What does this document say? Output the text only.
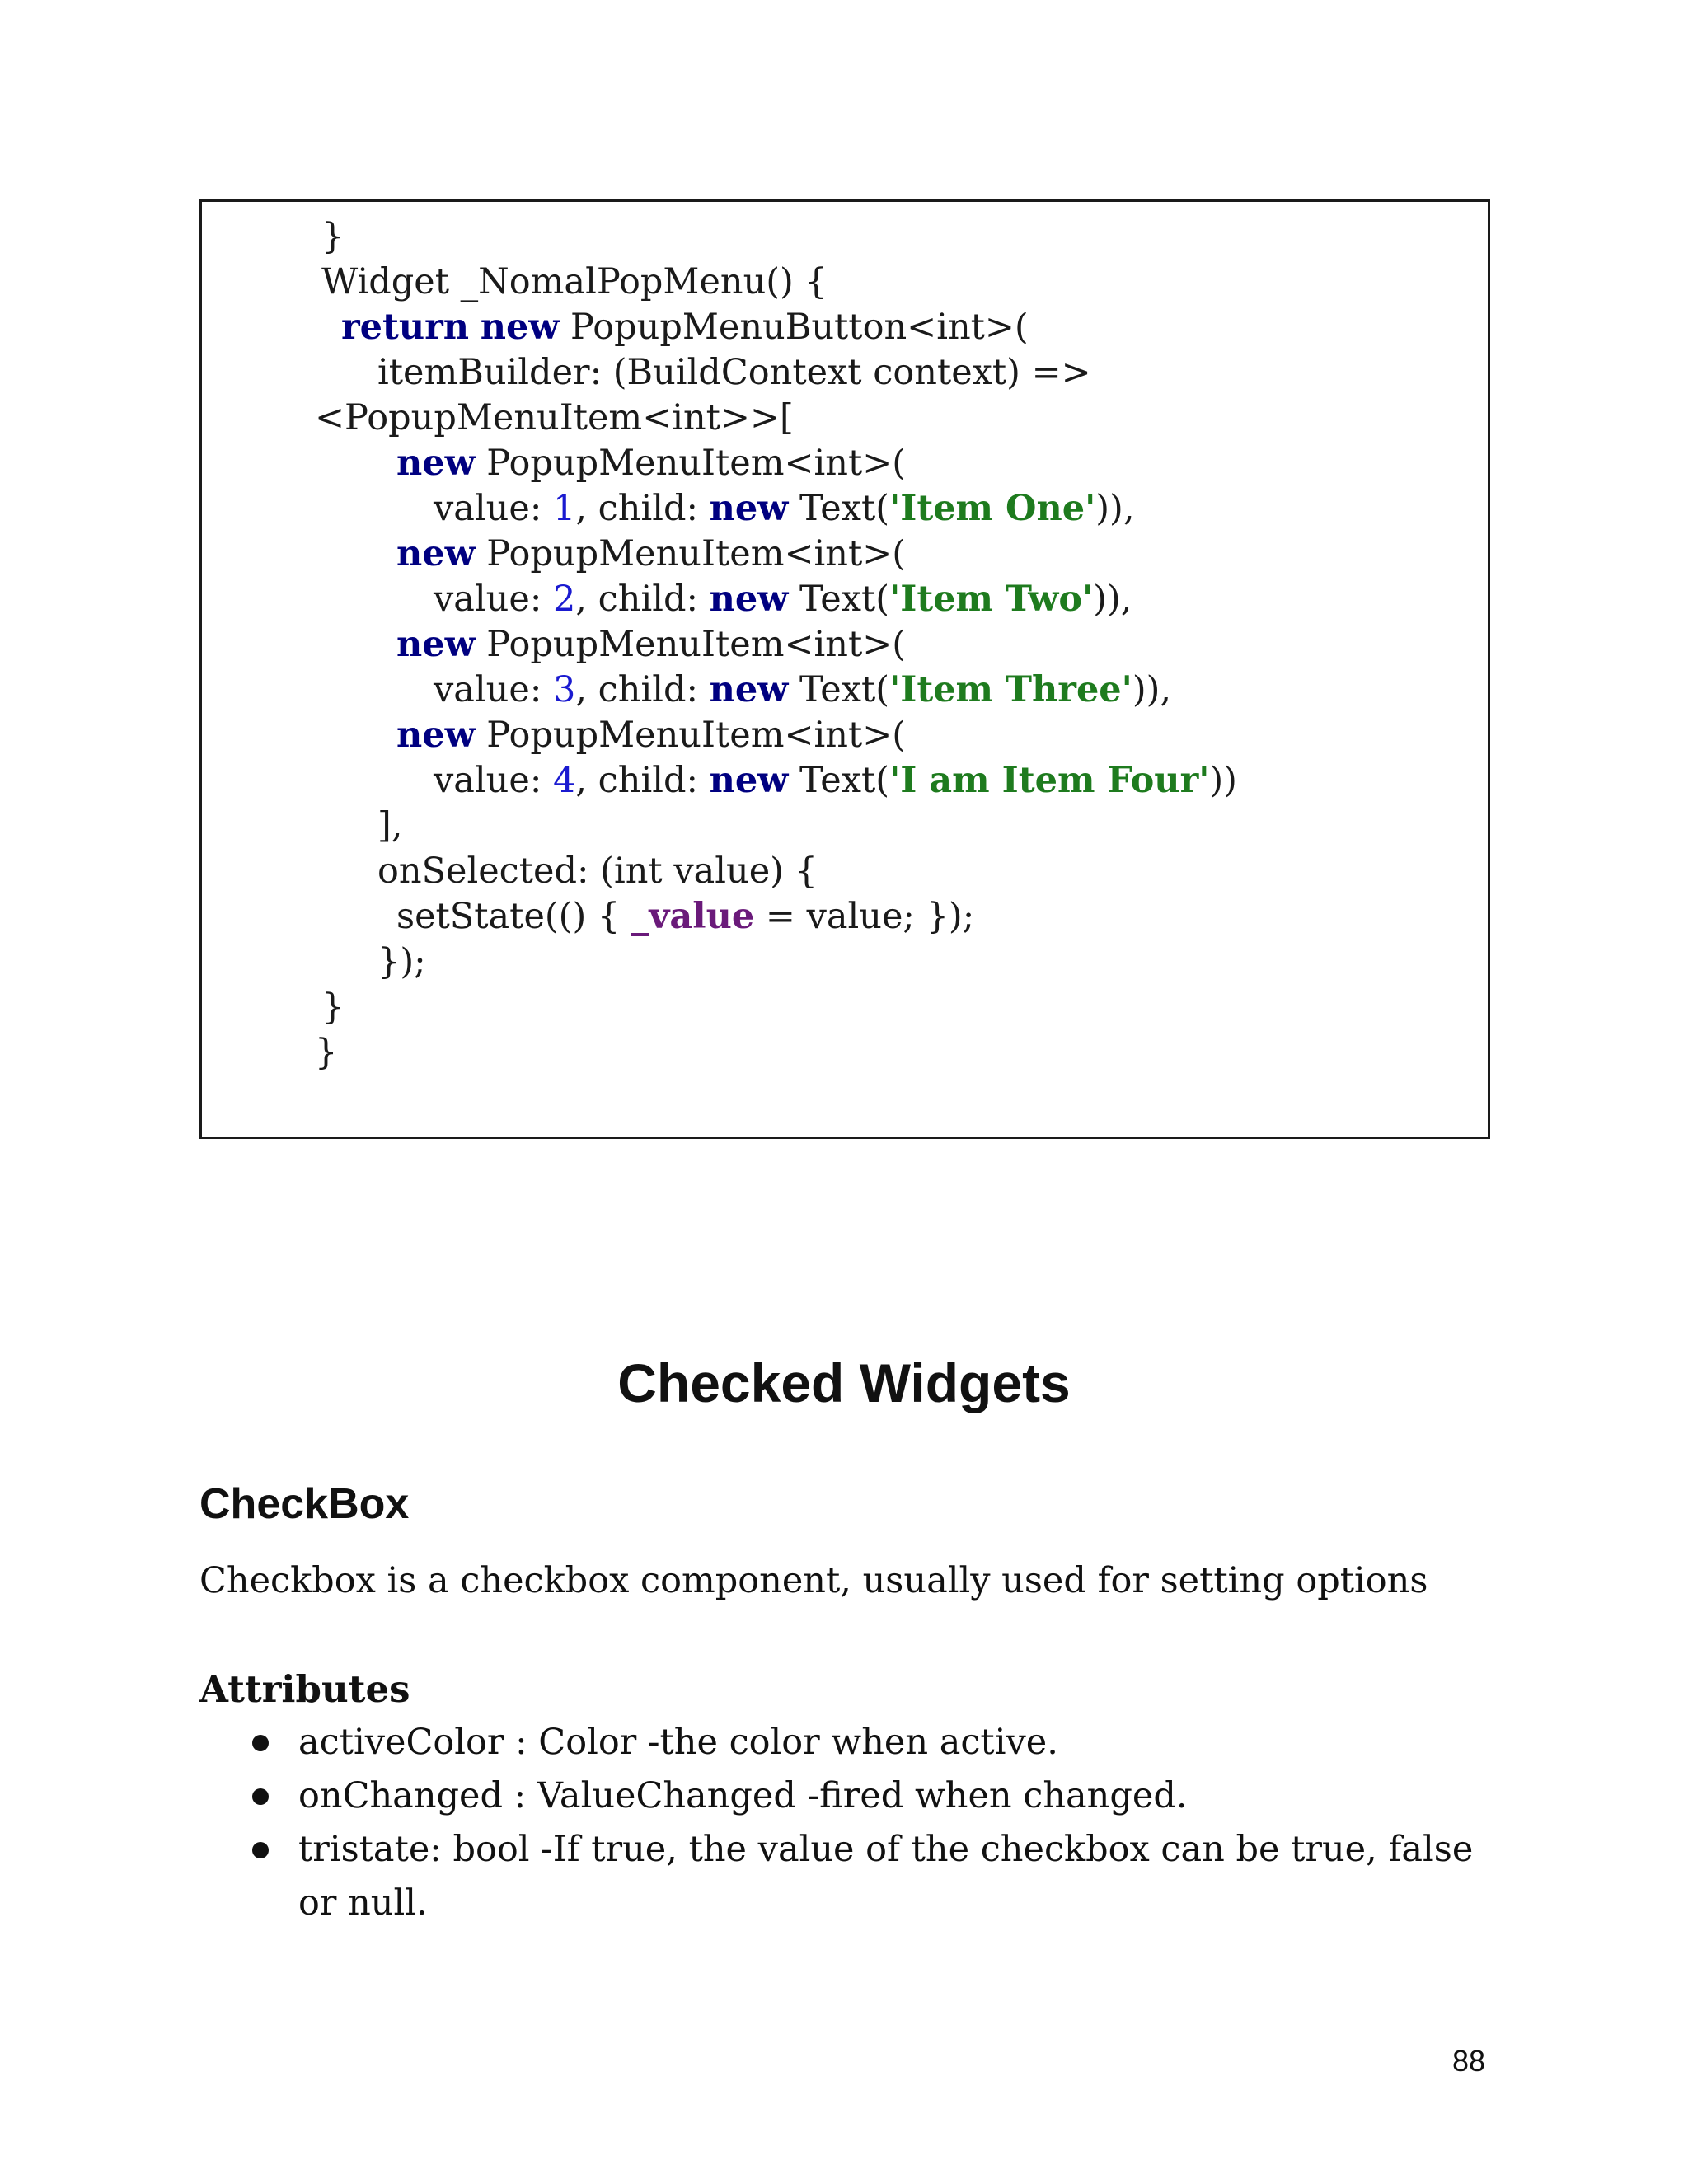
}
Widget _NomalPopMenu() {
return new PopupMenuButton<int>(
itemBuilder: (BuildContext context) =>
<PopupMenuItem<int>>[
new PopupMenuItem<int>(
value: 1, child: new Text('Item One')),
new PopupMenuItem<int>(
value: 2, child: new Text('Item Two')),
new PopupMenuItem<int>(
value: 3, child: new Text('Item Three')),
new PopupMenuItem<int>(
value: 4, child: new Text('I am Item Four'))
],
onSelected: (int value) {
setState(() { _value = value; });
});
}
}
Checked Widgets
CheckBox
Checkbox is a checkbox component, usually used for setting options
Attributes
activeColor : Color -the color when active.
onChanged : ValueChanged -fired when changed.
tristate: bool -If true, the value of the checkbox can be true, false or null.
88
